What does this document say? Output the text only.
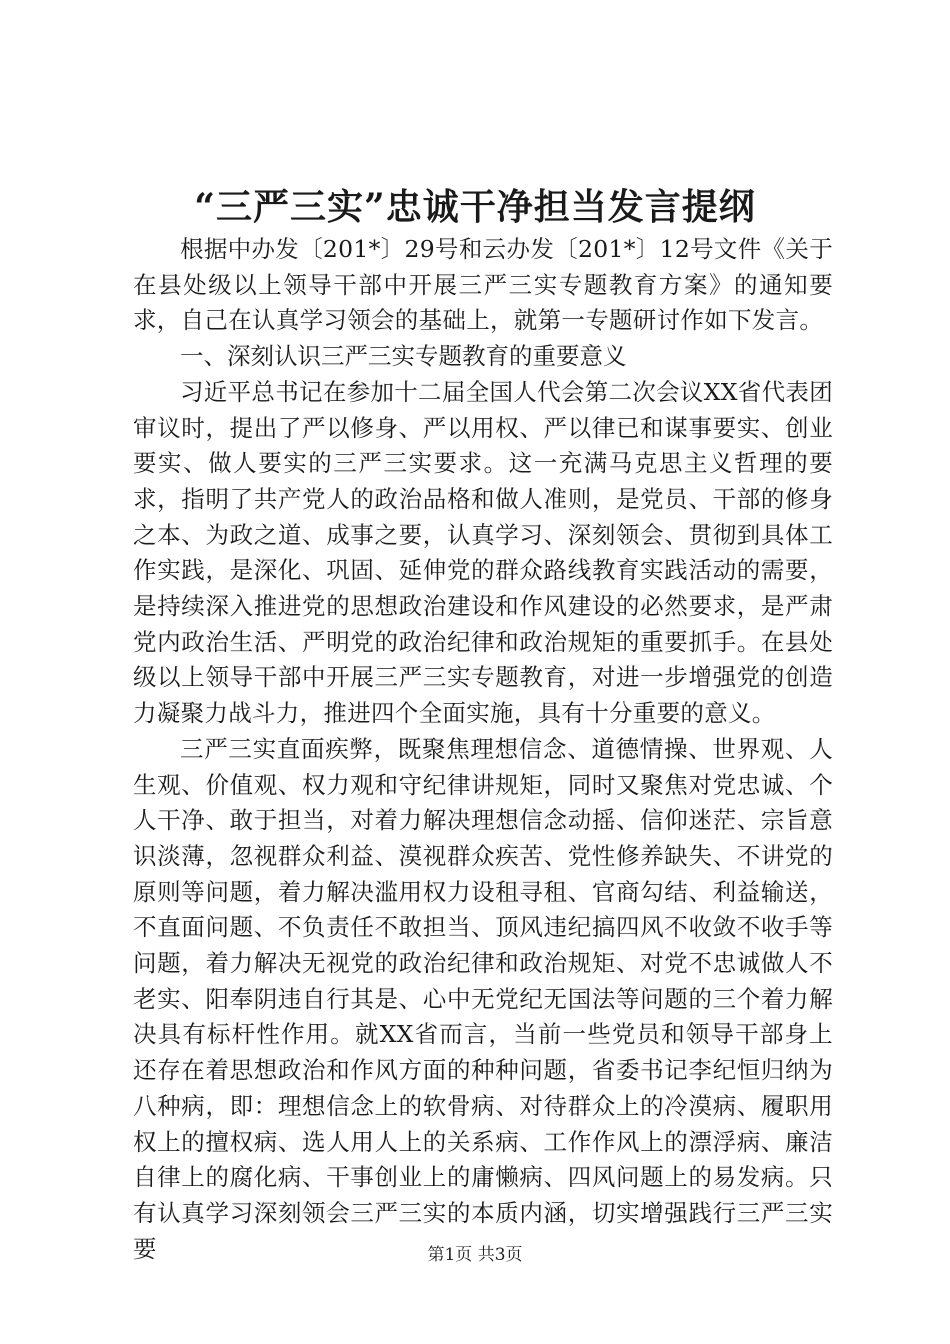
“三严三实”忠诚干净担当发言提纲

根据中办发〔201*〕29号和云办发〔201*〕12号文件《关于在县处级以上领导干部中开展三严三实专题教育方案》的通知要求，自己在认真学习领会的基础上，就第一专题研讨作如下发言。

一、深刻认识三严三实专题教育的重要意义

习近平总书记在参加十二届全国人代会第二次会议XX省代表团审议时，提出了严以修身、严以用权、严以律已和谋事要实、创业要实、做人要实的三严三实要求。这一充满马克思主义哲理的要求，指明了共产党人的政治品格和做人准则，是党员、干部的修身之本、为政之道、成事之要，认真学习、深刻领会、贯彻到具体工作实践，是深化、巩固、延伸党的群众路线教育实践活动的需要，是持续深入推进党的思想政治建设和作风建设的必然要求，是严肃党内政治生活、严明党的政治纪律和政治规矩的重要抓手。在县处级以上领导干部中开展三严三实专题教育，对进一步增强党的创造力凝聚力战斗力，推进四个全面实施，具有十分重要的意义。

三严三实直面疾弊，既聚焦理想信念、道德情操、世界观、人生观、价值观、权力观和守纪律讲规矩，同时又聚焦对党忠诚、个人干净、敢于担当，对着力解决理想信念动摇、信仰迷茫、宗旨意识淡薄，忽视群众利益、漠视群众疾苦、党性修养缺失、不讲党的原则等问题，着力解决滥用权力设租寻租、官商勾结、利益输送，不直面问题、不负责任不敢担当、顶风违纪搞四风不收敛不收手等问题，着力解决无视党的政治纪律和政治规矩、对党不忠诚做人不老实、阳奉阴违自行其是、心中无党纪无国法等问题的三个着力解决具有标杆性作用。就XX省而言，当前一些党员和领导干部身上还存在着思想政治和作风方面的种种问题，省委书记李纪恒归纳为八种病，即：理想信念上的软骨病、对待群众上的冷漠病、履职用权上的擅权病、选人用人上的关系病、工作作风上的漂浮病、廉洁自律上的腐化病、干事创业上的庸懒病、四风问题上的易发病。只有认真学习深刻领会三严三实的本质内涵，切实增强践行三严三实要	第1页 共3页
